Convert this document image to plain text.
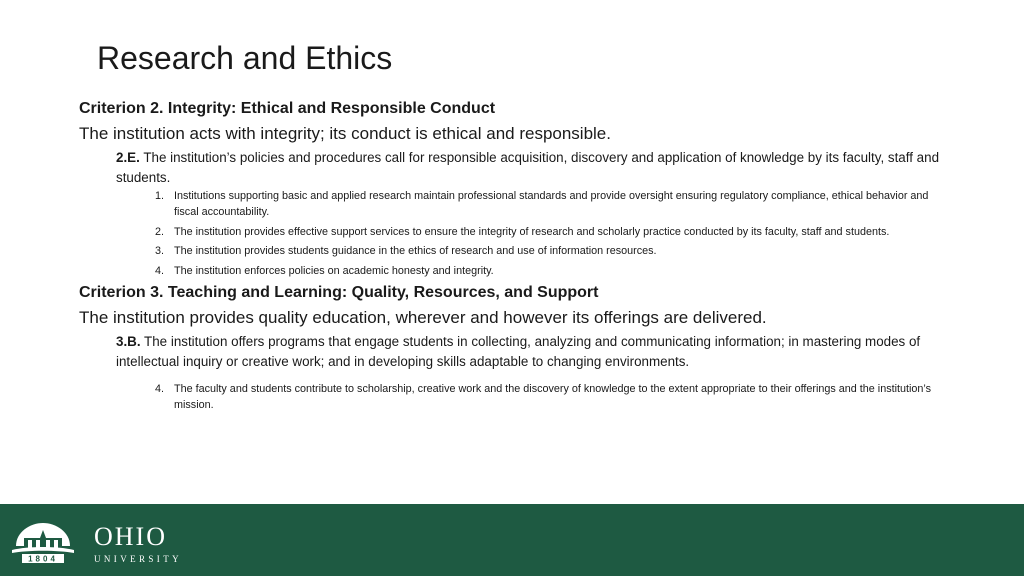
Research and Ethics

Criterion 2. Integrity: Ethical and Responsible Conduct

The institution acts with integrity; its conduct is ethical and responsible.

2.E. The institution’s policies and procedures call for responsible acquisition, discovery and application of knowledge by its faculty, staff and students.
1. Institutions supporting basic and applied research maintain professional standards and provide oversight ensuring regulatory compliance, ethical behavior and fiscal accountability.
2. The institution provides effective support services to ensure the integrity of research and scholarly practice conducted by its faculty, staff and students.
3. The institution provides students guidance in the ethics of research and use of information resources.
4. The institution enforces policies on academic honesty and integrity.

Criterion 3. Teaching and Learning: Quality, Resources, and Support

The institution provides quality education, wherever and however its offerings are delivered.

3.B. The institution offers programs that engage students in collecting, analyzing and communicating information; in mastering modes of intellectual inquiry or creative work; and in developing skills adaptable to changing environments.
4. The faculty and students contribute to scholarship, creative work and the discovery of knowledge to the extent appropriate to their offerings and the institution’s mission.
1804
OHIO
UNIVERSITY
